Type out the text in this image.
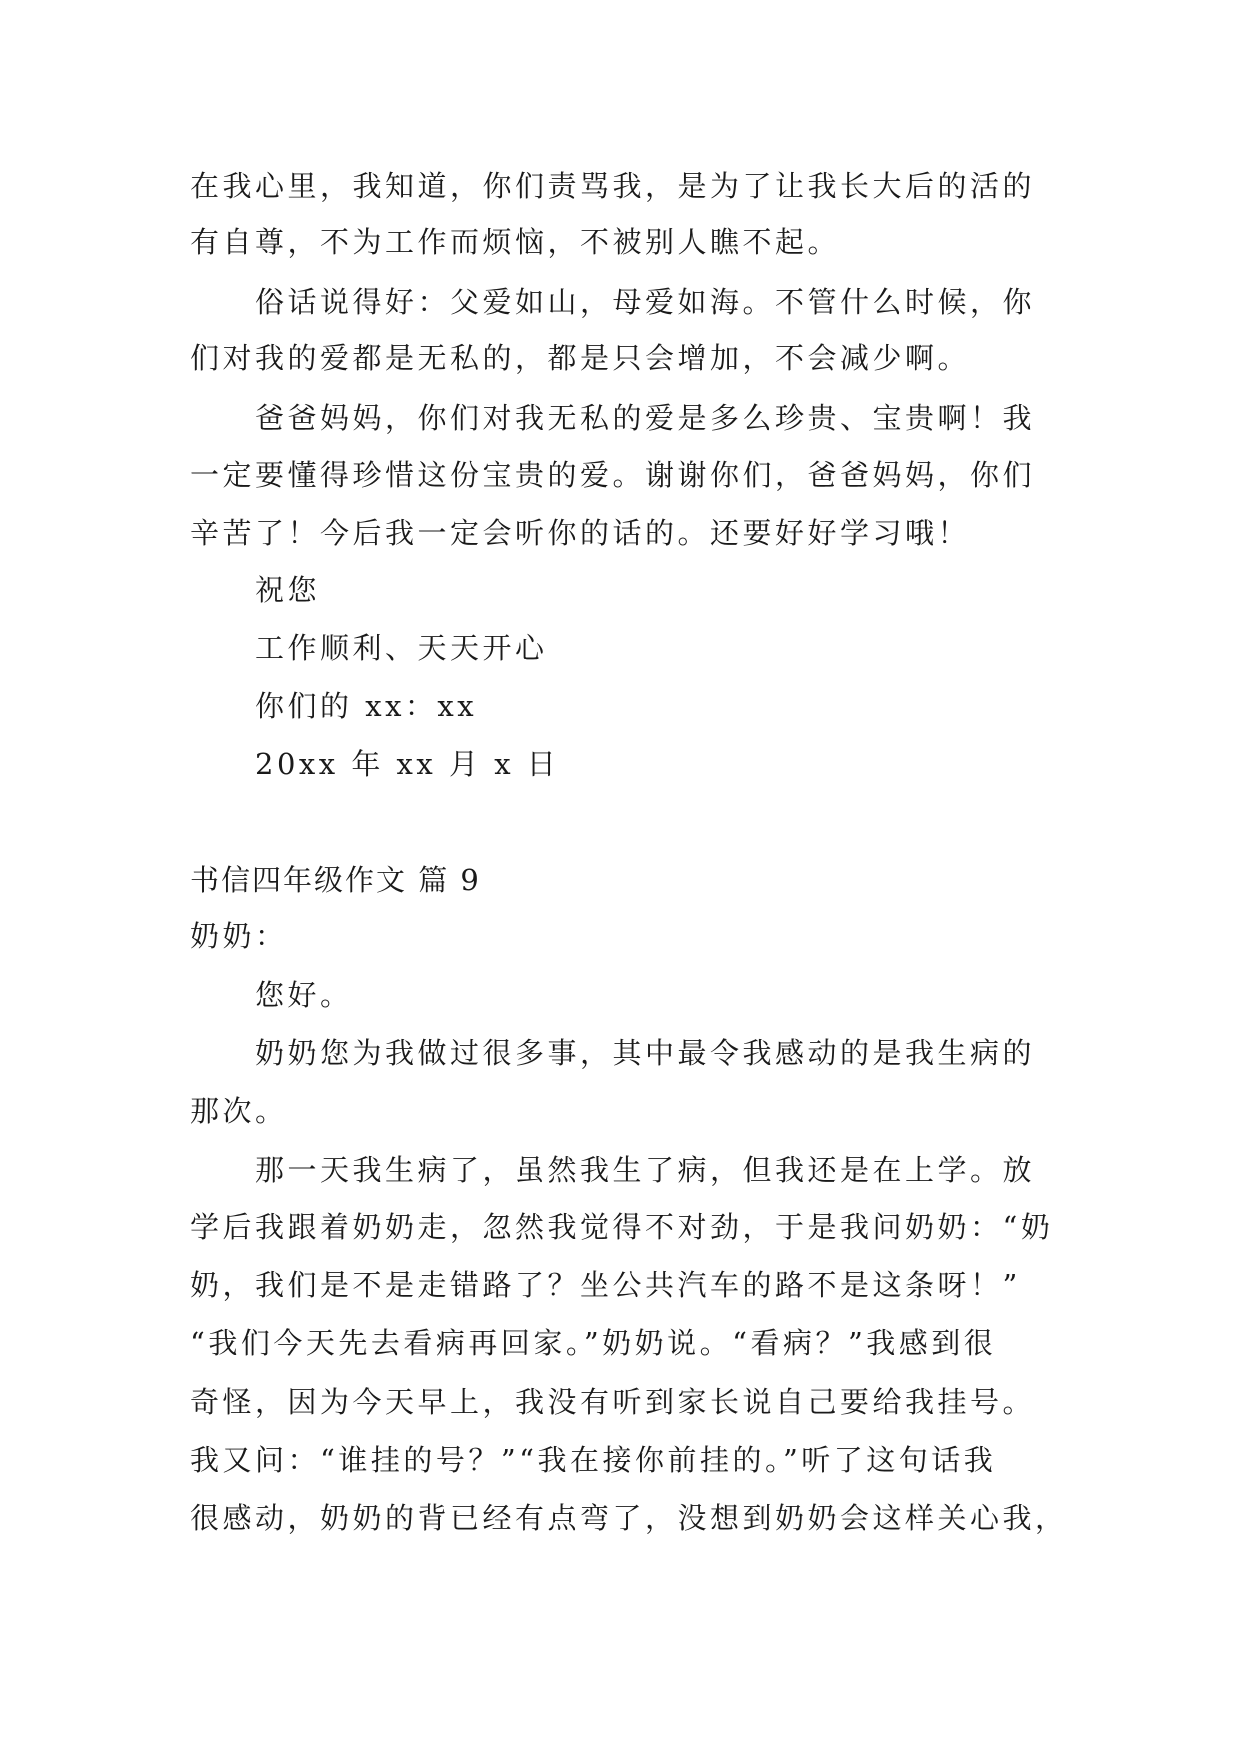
在我心里，我知道，你们责骂我，是为了让我长大后的活的
有自尊，不为工作而烦恼，不被别人瞧不起。
俗话说得好：父爱如山，母爱如海。不管什么时候，你
们对我的爱都是无私的，都是只会增加，不会减少啊。
爸爸妈妈，你们对我无私的爱是多么珍贵、宝贵啊！我
一定要懂得珍惜这份宝贵的爱。谢谢你们，爸爸妈妈，你们
辛苦了！今后我一定会听你的话的。还要好好学习哦！
祝您
工作顺利、天天开心
你们的 xx：xx
20xx 年 xx 月 x 日
书信四年级作文 篇 9
奶奶：
您好。
奶奶您为我做过很多事，其中最令我感动的是我生病的
那次。
那一天我生病了，虽然我生了病，但我还是在上学。放
学后我跟着奶奶走，忽然我觉得不对劲，于是我问奶奶：“奶
奶，我们是不是走错路了？坐公共汽车的路不是这条呀！”
“我们今天先去看病再回家。”奶奶说。“看病？”我感到很
奇怪，因为今天早上，我没有听到家长说自己要给我挂号。
我又问：“谁挂的号？”“我在接你前挂的。”听了这句话我
很感动，奶奶的背已经有点弯了，没想到奶奶会这样关心我，
